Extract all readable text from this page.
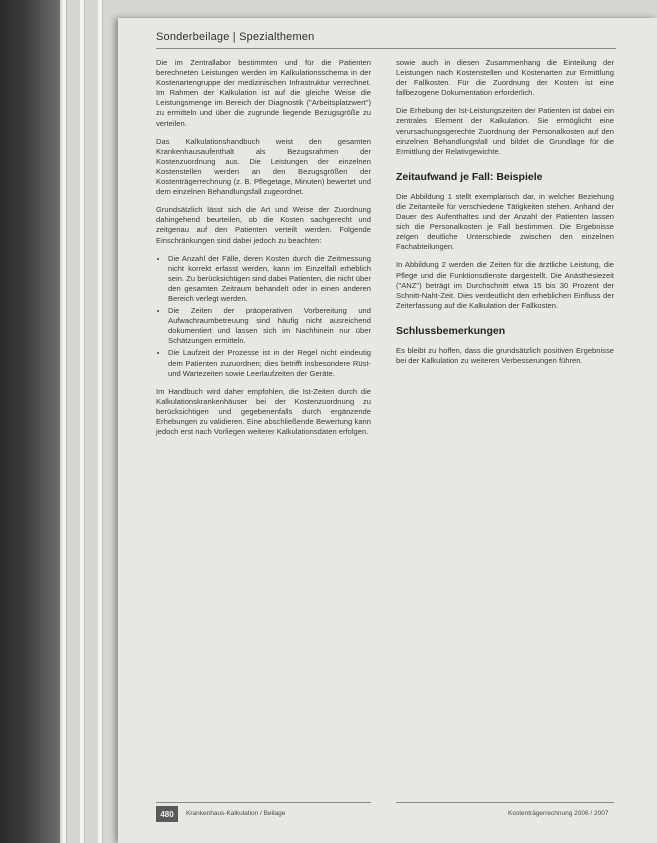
Sonderbeilage | Spezialthemen

Die im Zentrallabor bestimmten und für die Patienten berechneten Leistungen werden im Kalkulationsschema in der Kostenartengruppe der medizinischen Infrastruktur verrechnet. Im Rahmen der Kalkulation ist auf die gleiche Weise die Leistungsmenge im Bereich der Diagnostik ("Arbeitsplatzwert") zu ermitteln und über die zugrunde liegende Bezugsgröße zu verteilen.

Das Kalkulationshandbuch weist den gesamten Krankenhausaufenthalt als Bezugsrahmen der Kostenzuordnung aus. Die Leistungen der einzelnen Kostenstellen werden an den Bezugsgrößen der Kostenträgerrechnung (z. B. Pflegetage, Minuten) bewertet und dem einzelnen Behandlungsfall zugeordnet.

Grundsätzlich lässt sich die Art und Weise der Zuordnung dahingehend beurteilen, ob die Kosten sachgerecht und zeitgenau auf den Patienten verteilt werden. Folgende Einschränkungen sind dabei jedoch zu beachten:

• Die Anzahl der Fälle, deren Kosten durch die Zeitmessung nicht korrekt erfasst werden, kann im Einzelfall erheblich sein. Zu berücksichtigen sind dabei Patienten, die nicht über den gesamten Zeitraum behandelt oder in einen anderen Bereich verlegt werden.
• Die Zeiten der präoperativen Vorbereitung und Aufwachraumbetreuung sind häufig nicht ausreichend dokumentiert und lassen sich im Nachhinein nur über Schätzungen ermitteln.
• Die Laufzeit der Prozesse ist in der Regel nicht eindeutig dem Patienten zuzuordnen; dies betrifft insbesondere Rüst- und Wartezeiten sowie Leerlaufzeiten der Geräte.

Im Handbuch wird daher empfohlen, die Ist-Zeiten durch die Kalkulationskrankenhäuser bei der Kostenzuordnung zu berücksichtigen und gegebenenfalls durch ergänzende Erhebungen zu validieren. Eine abschließende Bewertung kann jedoch erst nach Vorliegen weiterer Kalkulationsdaten erfolgen.

sowie auch in diesen Zusammenhang die Einteilung der Leistungen nach Kostenstellen und Kostenarten zur Ermittlung der Fallkosten. Für die Zuordnung der Kosten ist eine fallbezogene Dokumentation erforderlich.

Die Erhebung der Ist-Leistungszeiten der Patienten ist dabei ein zentrales Element der Kalkulation. Sie ermöglicht eine verursachungsgerechte Zuordnung der Personalkosten auf den einzelnen Behandlungsfall und bildet die Grundlage für die Ermittlung der Relativgewichte.

Zeitaufwand je Fall: Beispiele

Die Abbildung 1 stellt exemplarisch dar, in welcher Beziehung die Zeitanteile für verschiedene Tätigkeiten stehen. Anhand der Dauer des Aufenthaltes und der Anzahl der Patienten lassen sich die Personalkosten je Fall bestimmen. Die Ergebnisse zeigen deutliche Unterschiede zwischen den einzelnen Fachabteilungen.

In Abbildung 2 werden die Zeiten für die ärztliche Leistung, die Pflege und die Funktionsdienste dargestellt. Die Anästhesiezeit ("ANZ") beträgt im Durchschnitt etwa 15 bis 30 Prozent der Schnitt-Naht-Zeit. Dies verdeutlicht den erheblichen Einfluss der Zeiterfassung auf die Kalkulation der Fallkosten.

Schlussbemerkungen

Es bleibt zu hoffen, dass die grundsätzlich positiven Ergebnisse bei der Kalkulation zu weiteren Verbesserungen führen.

480	Krankenhaus-Kalkulation / Beilage	Kostenträgerrechnung 2006 / 2007
